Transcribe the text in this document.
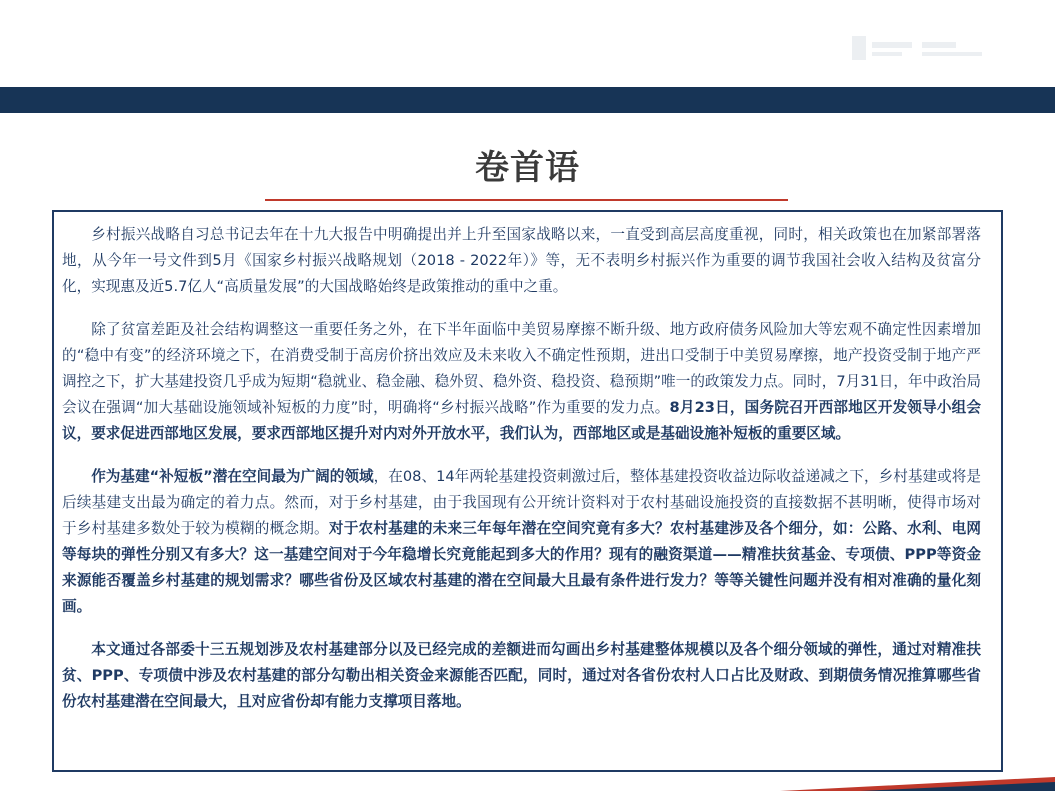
卷首语

乡村振兴战略自习总书记去年在十九大报告中明确提出并上升至国家战略以来，一直受到高层高度重视，同时，相关政策也在加紧部署落地，从今年一号文件到5月《国家乡村振兴战略规划（2018 - 2022年）》等，无不表明乡村振兴作为重要的调节我国社会收入结构及贫富分化，实现惠及近5.7亿人“高质量发展”的大国战略始终是政策推动的重中之重。

除了贫富差距及社会结构调整这一重要任务之外，在下半年面临中美贸易摩擦不断升级、地方政府债务风险加大等宏观不确定性因素增加的“稳中有变”的经济环境之下，在消费受制于高房价挤出效应及未来收入不确定性预期，进出口受制于中美贸易摩擦，地产投资受制于地产严调控之下，扩大基建投资几乎成为短期“稳就业、稳金融、稳外贸、稳外资、稳投资、稳预期”唯一的政策发力点。同时，7月31日，年中政治局会议在强调“加大基础设施领域补短板的力度”时，明确将“乡村振兴战略”作为重要的发力点。8月23日，国务院召开西部地区开发领导小组会议，要求促进西部地区发展，要求西部地区提升对内对外开放水平，我们认为，西部地区或是基础设施补短板的重要区域。

作为基建“补短板”潜在空间最为广阔的领域，在08、14年两轮基建投资刺激过后，整体基建投资收益边际收益递减之下，乡村基建或将是后续基建支出最为确定的着力点。然而，对于乡村基建，由于我国现有公开统计资料对于农村基础设施投资的直接数据不甚明晰，使得市场对于乡村基建多数处于较为模糊的概念期。对于农村基建的未来三年每年潜在空间究竟有多大？农村基建涉及各个细分，如：公路、水利、电网等每块的弹性分别又有多大？这一基建空间对于今年稳增长究竟能起到多大的作用？现有的融资渠道——精准扶贫基金、专项债、PPP等资金来源能否覆盖乡村基建的规划需求？哪些省份及区域农村基建的潜在空间最大且最有条件进行发力？等等关键性问题并没有相对准确的量化刻画。

本文通过各部委十三五规划涉及农村基建部分以及已经完成的差额进而勾画出乡村基建整体规模以及各个细分领域的弹性，通过对精准扶贫、PPP、专项债中涉及农村基建的部分勾勒出相关资金来源能否匹配，同时，通过对各省份农村人口占比及财政、到期债务情况推算哪些省份农村基建潜在空间最大，且对应省份却有能力支撑项目落地。
